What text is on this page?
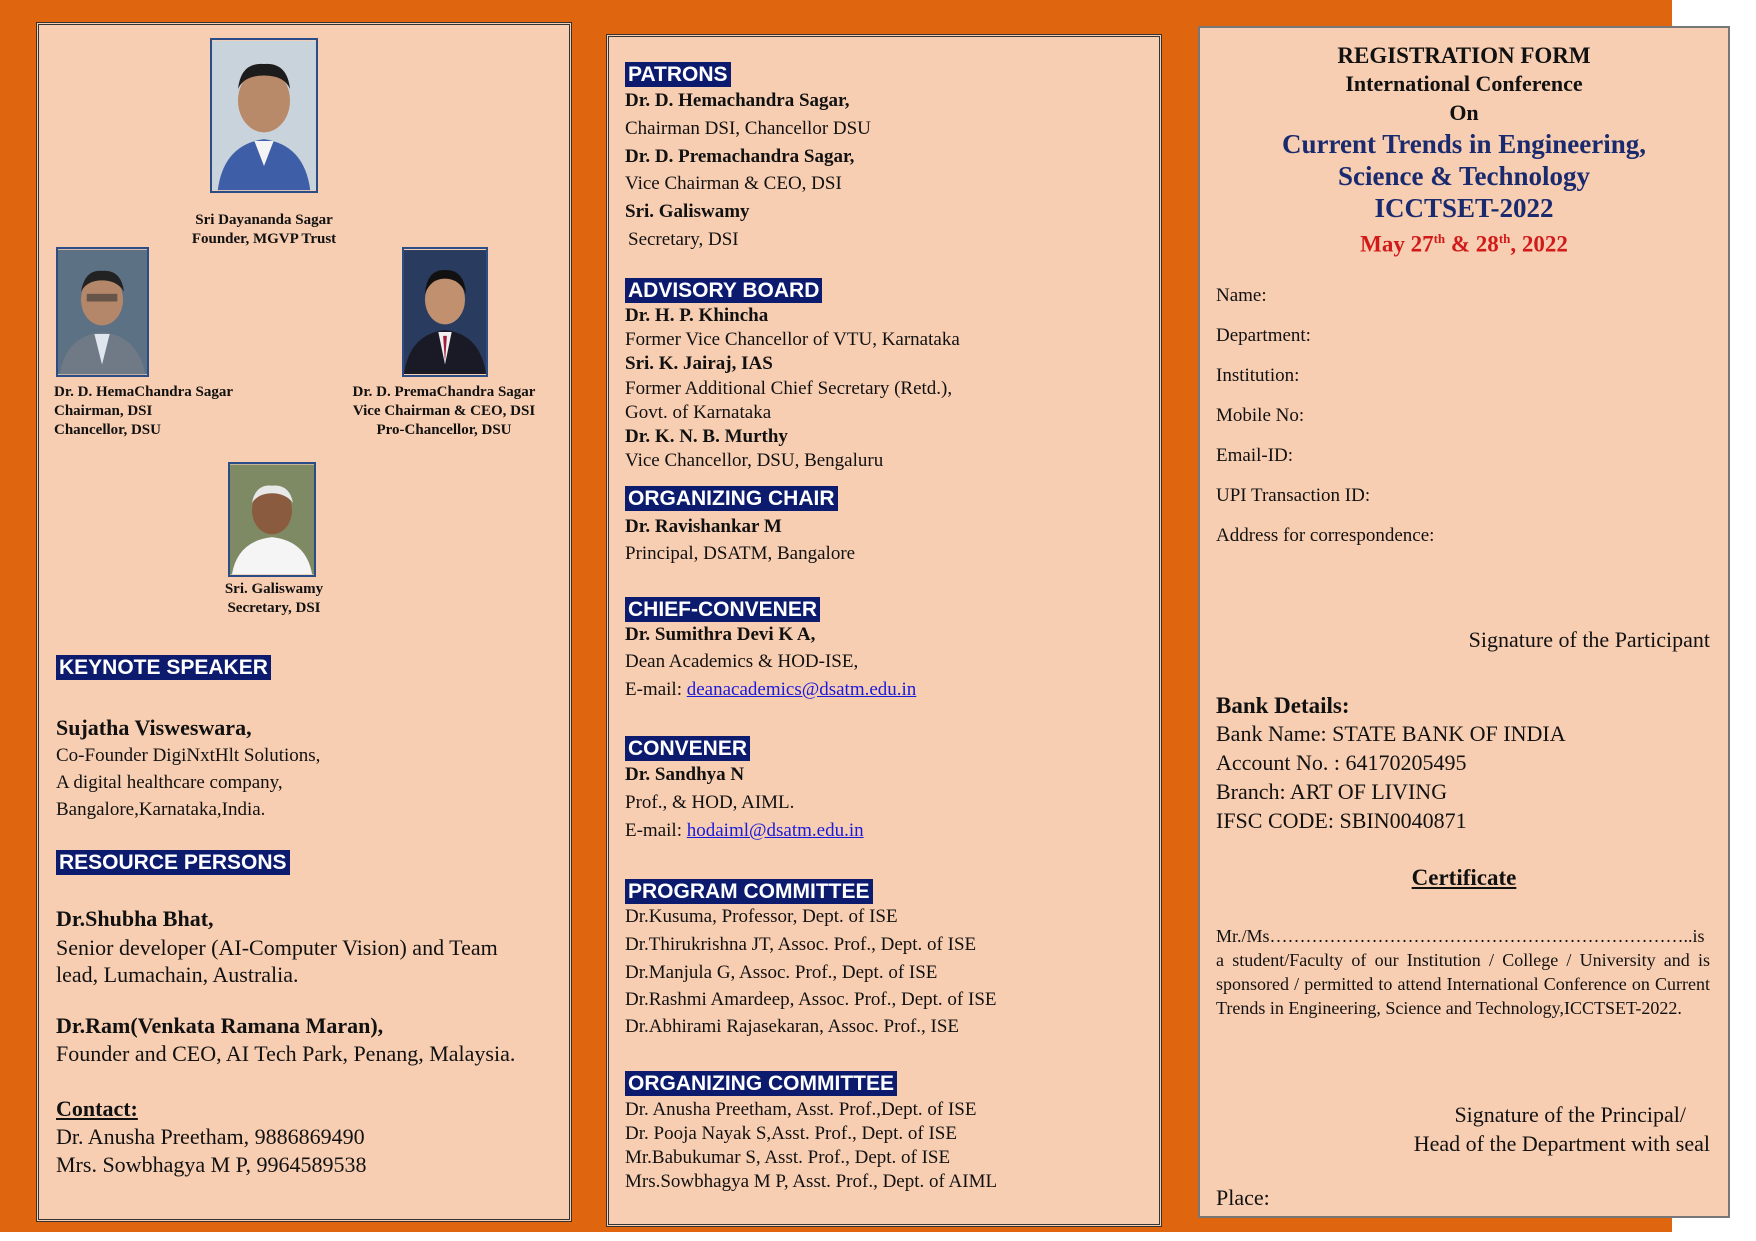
Sri Dayananda Sagar
Founder, MGVP Trust
Dr. D. HemaChandra Sagar
Chairman, DSI
Chancellor, DSU
Dr. D. PremaChandra Sagar
Vice Chairman & CEO, DSI
Pro-Chancellor, DSU
Sri. Galiswamy
Secretary, DSI
KEYNOTE SPEAKER
Sujatha Visweswara,
Co-Founder DigiNxtHlt Solutions,
A digital healthcare company,
Bangalore,Karnataka,India.
RESOURCE PERSONS
Dr.Shubha Bhat,
Senior developer (AI-Computer Vision) and Team
lead, Lumachain, Australia.
Dr.Ram(Venkata Ramana Maran),
Founder and CEO, AI Tech Park, Penang, Malaysia.
Contact:
Dr. Anusha Preetham, 9886869490
Mrs. Sowbhagya M P, 9964589538
PATRONS
Dr. D. Hemachandra Sagar,
Chairman DSI, Chancellor DSU
Dr. D. Premachandra Sagar,
Vice Chairman & CEO, DSI
Sri. Galiswamy
Secretary, DSI
ADVISORY BOARD
Dr. H. P. Khincha
Former Vice Chancellor of VTU, Karnataka
Sri. K. Jairaj, IAS
Former Additional Chief Secretary (Retd.),
Govt. of Karnataka
Dr. K. N. B. Murthy
Vice Chancellor, DSU, Bengaluru
ORGANIZING CHAIR
Dr. Ravishankar M
Principal, DSATM, Bangalore
CHIEF-CONVENER
Dr. Sumithra Devi K A,
Dean Academics & HOD-ISE,
E-mail: deanacademics@dsatm.edu.in
CONVENER
Dr. Sandhya N
Prof., & HOD, AIML.
E-mail: hodaiml@dsatm.edu.in
PROGRAM COMMITTEE
Dr.Kusuma, Professor, Dept. of ISE
Dr.Thirukrishna JT, Assoc. Prof., Dept. of ISE
Dr.Manjula G, Assoc. Prof., Dept. of ISE
Dr.Rashmi Amardeep, Assoc. Prof., Dept. of ISE
Dr.Abhirami Rajasekaran, Assoc. Prof., ISE
ORGANIZING COMMITTEE
Dr. Anusha Preetham, Asst. Prof.,Dept. of ISE
Dr. Pooja Nayak S,Asst. Prof., Dept. of ISE
Mr.Babukumar S, Asst. Prof., Dept. of ISE
Mrs.Sowbhagya M P, Asst. Prof., Dept. of AIML
REGISTRATION FORM
International Conference
On
Current Trends in Engineering,
Science & Technology
ICCTSET-2022
May 27th & 28th, 2022
Name:
Department:
Institution:
Mobile No:
Email-ID:
UPI Transaction ID:
Address for correspondence:
Signature of the Participant
Bank Details:
Bank Name: STATE BANK OF INDIA
Account No. : 64170205495
Branch: ART OF LIVING
IFSC CODE: SBIN0040871
Certificate
Mr./Ms……………………………………………………………..is
a student/Faculty of our Institution / College / University and is sponsored / permitted to attend International Conference on Current Trends in Engineering, Science and Technology,ICCTSET-2022.
Signature of the Principal/
Head of the Department with seal
Place:
